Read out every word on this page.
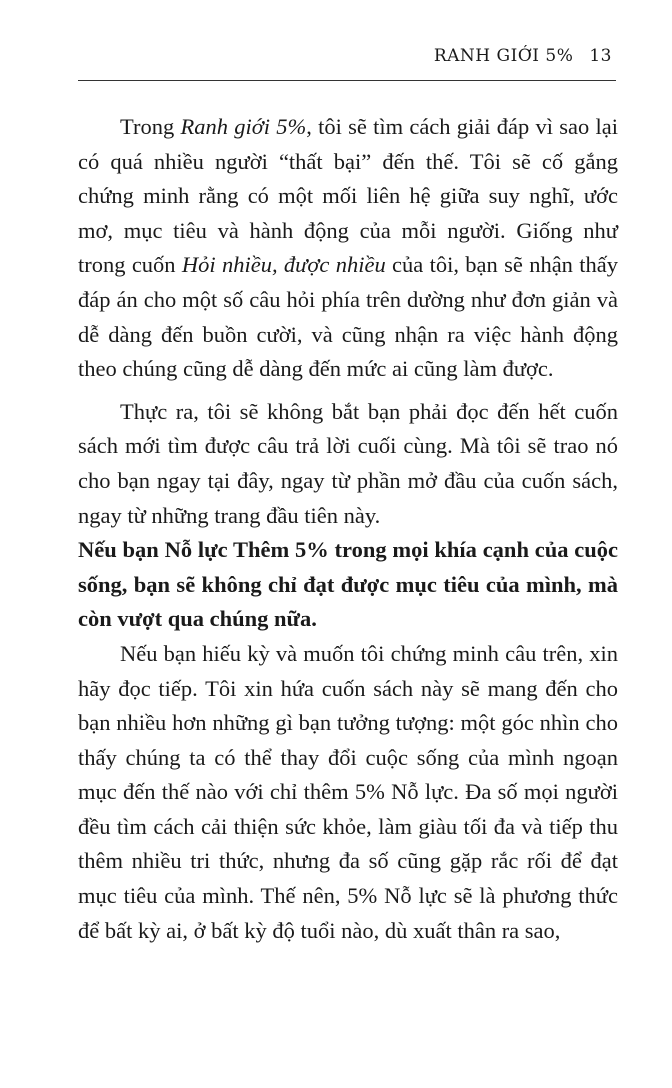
RANH GIỚI 5% 13

Trong Ranh giới 5%, tôi sẽ tìm cách giải đáp vì sao lại có quá nhiều người “thất bại” đến thế. Tôi sẽ cố gắng chứng minh rằng có một mối liên hệ giữa suy nghĩ, ước mơ, mục tiêu và hành động của mỗi người. Giống như trong cuốn Hỏi nhiều, được nhiều của tôi, bạn sẽ nhận thấy đáp án cho một số câu hỏi phía trên dường như đơn giản và dễ dàng đến buồn cười, và cũng nhận ra việc hành động theo chúng cũng dễ dàng đến mức ai cũng làm được.

Thực ra, tôi sẽ không bắt bạn phải đọc đến hết cuốn sách mới tìm được câu trả lời cuối cùng. Mà tôi sẽ trao nó cho bạn ngay tại đây, ngay từ phần mở đầu của cuốn sách, ngay từ những trang đầu tiên này.

Nếu bạn Nỗ lực Thêm 5% trong mọi khía cạnh của cuộc sống, bạn sẽ không chỉ đạt được mục tiêu của mình, mà còn vượt qua chúng nữa.

Nếu bạn hiếu kỳ và muốn tôi chứng minh câu trên, xin hãy đọc tiếp. Tôi xin hứa cuốn sách này sẽ mang đến cho bạn nhiều hơn những gì bạn tưởng tượng: một góc nhìn cho thấy chúng ta có thể thay đổi cuộc sống của mình ngoạn mục đến thế nào với chỉ thêm 5% Nỗ lực. Đa số mọi người đều tìm cách cải thiện sức khỏe, làm giàu tối đa và tiếp thu thêm nhiều tri thức, nhưng đa số cũng gặp rắc rối để đạt mục tiêu của mình. Thế nên, 5% Nỗ lực sẽ là phương thức để bất kỳ ai, ở bất kỳ độ tuổi nào, dù xuất thân ra sao,
